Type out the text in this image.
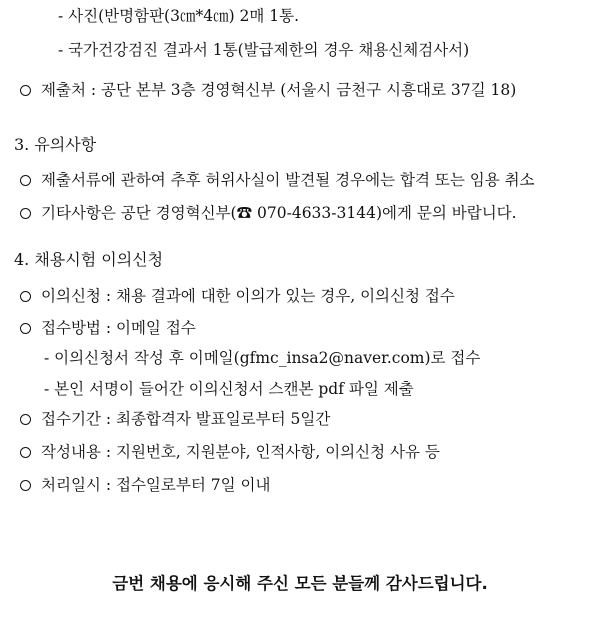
- 사진(반명함판(3㎝*4㎝) 2매 1통.
- 국가건강검진 결과서 1통(발급제한의 경우 채용신체검사서)
제출처 : 공단 본부 3층 경영혁신부 (서울시 금천구 시흥대로 37길 18)
3. 유의사항
제출서류에 관하여 추후 허위사실이 발견될 경우에는 합격 또는 임용 취소
기타사항은 공단 경영혁신부(☎ 070-4633-3144)에게 문의 바랍니다.
4. 채용시험 이의신청
이의신청 : 채용 결과에 대한 이의가 있는 경우, 이의신청 접수
접수방법 : 이메일 접수
- 이의신청서 작성 후 이메일(gfmc_insa2@naver.com)로 접수
- 본인 서명이 들어간 이의신청서 스캔본 pdf 파일 제출
접수기간 : 최종합격자 발표일로부터 5일간
작성내용 : 지원번호, 지원분야, 인적사항, 이의신청 사유 등
처리일시 : 접수일로부터 7일 이내
금번 채용에 응시해 주신 모든 분들께 감사드립니다.
